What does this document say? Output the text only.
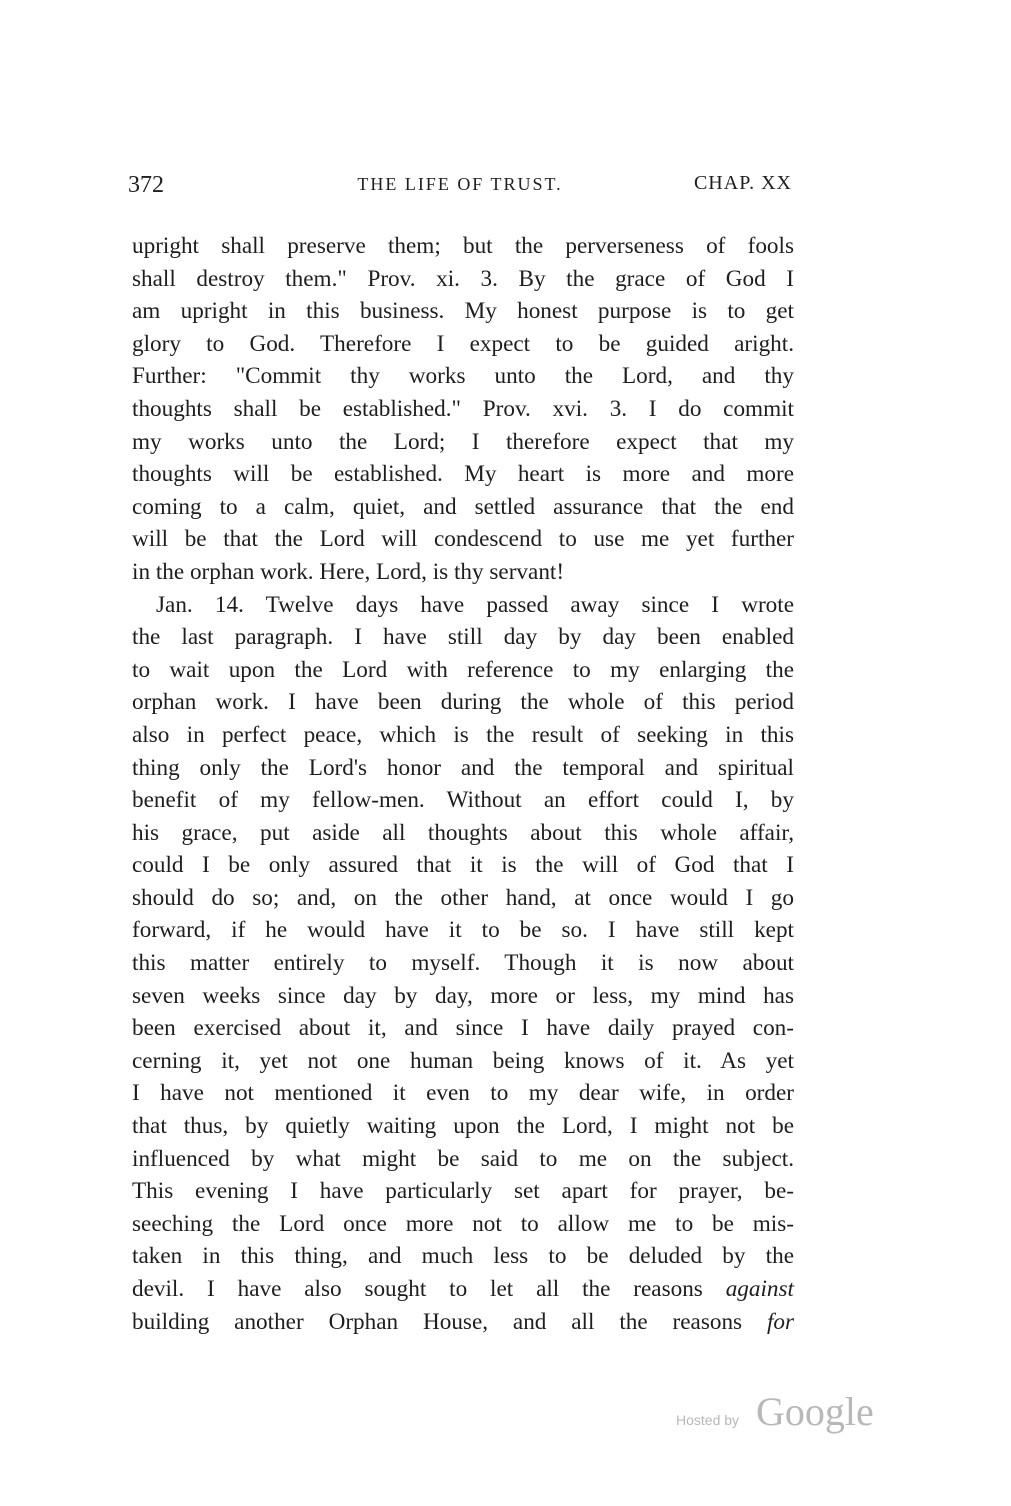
372	THE LIFE OF TRUST.	CHAP. XX
upright shall preserve them; but the perverseness of fools
shall destroy them." Prov. xi. 3. By the grace of God I
am upright in this business. My honest purpose is to get
glory to God. Therefore I expect to be guided aright.
Further: "Commit thy works unto the Lord, and thy
thoughts shall be established." Prov. xvi. 3. I do commit
my works unto the Lord; I therefore expect that my
thoughts will be established. My heart is more and more
coming to a calm, quiet, and settled assurance that the end
will be that the Lord will condescend to use me yet further
in the orphan work. Here, Lord, is thy servant!
Jan. 14. Twelve days have passed away since I wrote
the last paragraph. I have still day by day been enabled
to wait upon the Lord with reference to my enlarging the
orphan work. I have been during the whole of this period
also in perfect peace, which is the result of seeking in this
thing only the Lord's honor and the temporal and spiritual
benefit of my fellow-men. Without an effort could I, by
his grace, put aside all thoughts about this whole affair,
could I be only assured that it is the will of God that I
should do so; and, on the other hand, at once would I go
forward, if he would have it to be so. I have still kept
this matter entirely to myself. Though it is now about
seven weeks since day by day, more or less, my mind has
been exercised about it, and since I have daily prayed con-
cerning it, yet not one human being knows of it. As yet
I have not mentioned it even to my dear wife, in order
that thus, by quietly waiting upon the Lord, I might not be
influenced by what might be said to me on the subject.
This evening I have particularly set apart for prayer, be-
seeching the Lord once more not to allow me to be mis-
taken in this thing, and much less to be deluded by the
devil. I have also sought to let all the reasons against
building another Orphan House, and all the reasons for
Hosted by Google
